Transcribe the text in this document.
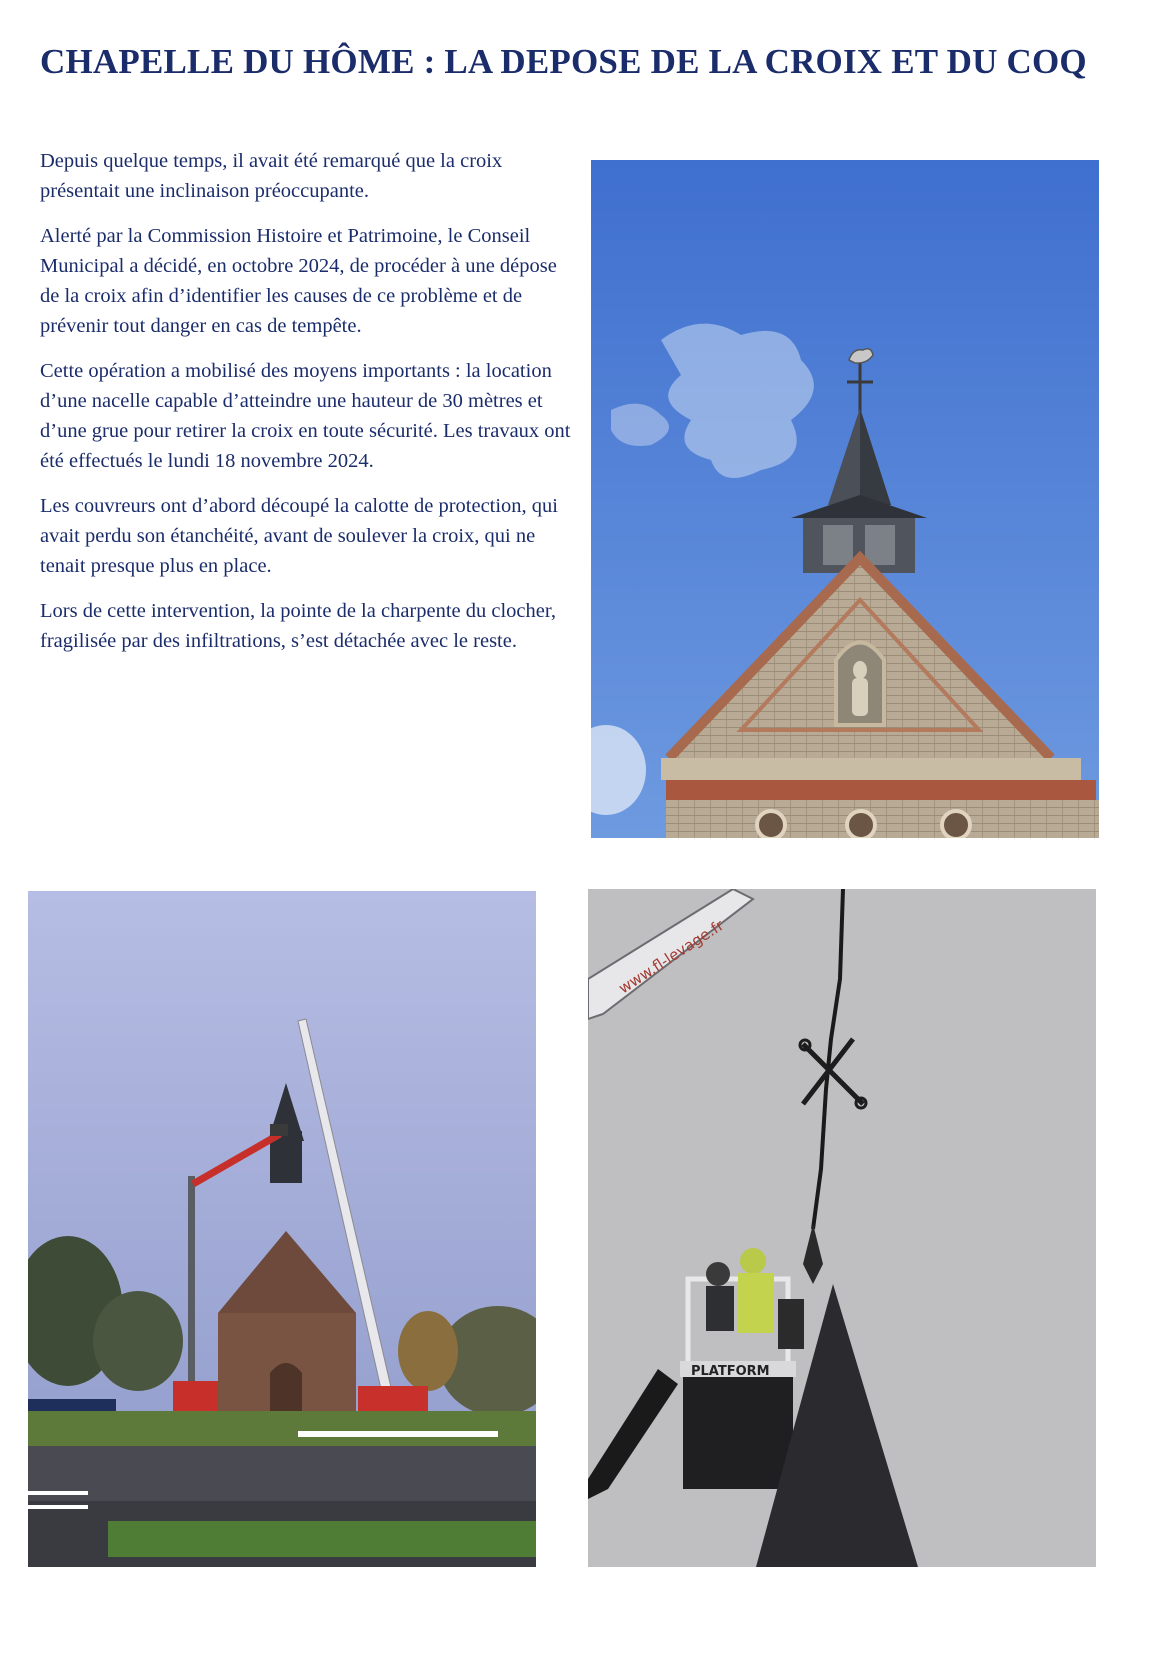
CHAPELLE DU HÔME : LA DEPOSE DE LA CROIX ET DU COQ

Depuis quelque temps, il avait été remarqué que la croix présentait une inclinaison préoccupante.

Alerté par la Commission Histoire et Patrimoine, le Conseil Municipal a décidé, en octobre 2024, de procéder à une dépose de la croix afin d’identifier les causes de ce problème et de prévenir tout danger en cas de tempête.

Cette opération a mobilisé des moyens importants : la location d’une nacelle capable d’atteindre une hauteur de 30 mètres et d’une grue pour retirer la croix en toute sécurité. Les travaux ont été effectués le lundi 18 novembre 2024.

Les couvreurs ont d’abord découpé la calotte de protection, qui avait perdu son étanchéité, avant de soulever la croix, qui ne tenait presque plus en place.

Lors de cette intervention, la pointe de la charpente du clocher, fragilisée par des infiltrations, s’est détachée avec le reste.

www.fl-levage.fr
PLATFORM
